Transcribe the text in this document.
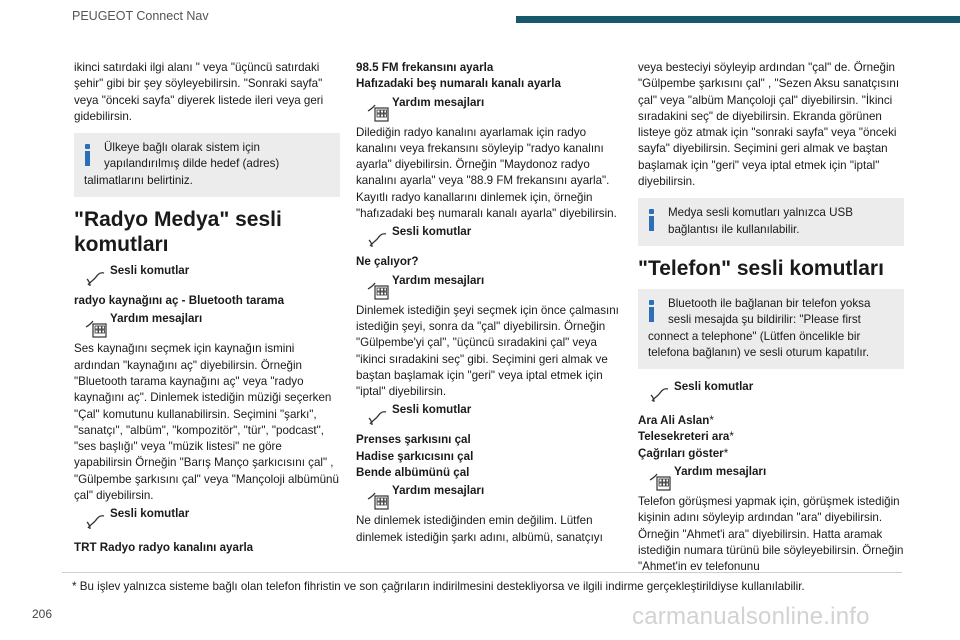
PEUGEOT Connect Nav
ikinci satırdaki ilgi alanı " veya "üçüncü satırdaki şehir" gibi bir şey söyleyebilirsin. "Sonraki sayfa" veya "önceki sayfa" diyerek listede ileri veya geri gidebilirsin.
Ülkeye bağlı olarak sistem için
yapılandırılmış dilde hedef (adres)
talimatlarını belirtiniz.
"Radyo Medya" sesli komutları
Sesli komutlar
radyo kaynağını aç - Bluetooth tarama
Yardım mesajları
Ses kaynağını seçmek için kaynağın ismini ardından "kaynağını aç" diyebilirsin. Örneğin "Bluetooth tarama kaynağını aç" veya "radyo kaynağını aç". Dinlemek istediğin müziği seçerken "Çal" komutunu kullanabilirsin. Seçimini "şarkı", "sanatçı", "albüm", "kompozitör", "tür", "podcast", "ses başlığı" veya "müzik listesi" ne göre yapabilirsin Örneğin "Barış Manço şarkıcısını çal" , "Gülpembe şarkısını çal" veya "Mançoloji albümünü çal" diyebilirsin.
Sesli komutlar
TRT Radyo radyo kanalını ayarla
98.5 FM frekansını ayarla
Hafızadaki beş numaralı kanalı ayarla
Yardım mesajları
Dilediğin radyo kanalını ayarlamak için radyo kanalını veya frekansını söyleyip "radyo kanalını ayarla" diyebilirsin. Örneğin "Maydonoz radyo kanalını ayarla" veya "88.9 FM frekansını ayarla". Kayıtlı radyo kanallarını dinlemek için, örneğin "hafızadaki beş numaralı kanalı ayarla" diyebilirsin.
Sesli komutlar
Ne çalıyor?
Yardım mesajları
Dinlemek istediğin şeyi seçmek için önce çalmasını istediğin şeyi, sonra da "çal" diyebilirsin. Örneğin "Gülpembe'yi çal", "üçüncü sıradakini çal" veya "ikinci sıradakini seç" gibi. Seçimini geri almak ve baştan başlamak için "geri" veya iptal etmek için "iptal" diyebilirsin.
Sesli komutlar
Prenses şarkısını çal
Hadise şarkıcısını çal
Bende albümünü çal
Yardım mesajları
Ne dinlemek istediğinden emin değilim. Lütfen dinlemek istediğin şarkı adını, albümü, sanatçıyı
veya besteciyi söyleyip ardından "çal" de. Örneğin "Gülpembe şarkısını çal" , "Sezen Aksu sanatçısını çal" veya "albüm Mançoloji çal" diyebilirsin. "İkinci sıradakini seç" de diyebilirsin. Ekranda görünen listeye göz atmak için "sonraki sayfa" veya "önceki sayfa" diyebilirsin. Seçimini geri almak ve baştan başlamak için "geri" veya iptal etmek için "iptal" diyebilirsin.
Medya sesli komutları yalnızca USB
bağlantısı ile kullanılabilir.
"Telefon" sesli komutları
Bluetooth ile bağlanan bir telefon yoksa
sesli mesajda şu bildirilir: "Please first
connect a telephone" (Lütfen öncelikle bir
telefona bağlanın) ve sesli oturum kapatılır.
Sesli komutlar
Ara Ali Aslan*
Telesekreteri ara*
Çağrıları göster*
Yardım mesajları
Telefon görüşmesi yapmak için, görüşmek istediğin kişinin adını söyleyip ardından "ara" diyebilirsin. Örneğin "Ahmet'i ara" diyebilirsin. Hatta aramak istediğin numara türünü bile söyleyebilirsin. Örneğin "Ahmet'in ev telefonunu
* Bu işlev yalnızca sisteme bağlı olan telefon fihristin ve son çağrıların indirilmesini destekliyorsa ve ilgili indirme gerçekleştirildiyse kullanılabilir.
206	carmanualsonline.info
